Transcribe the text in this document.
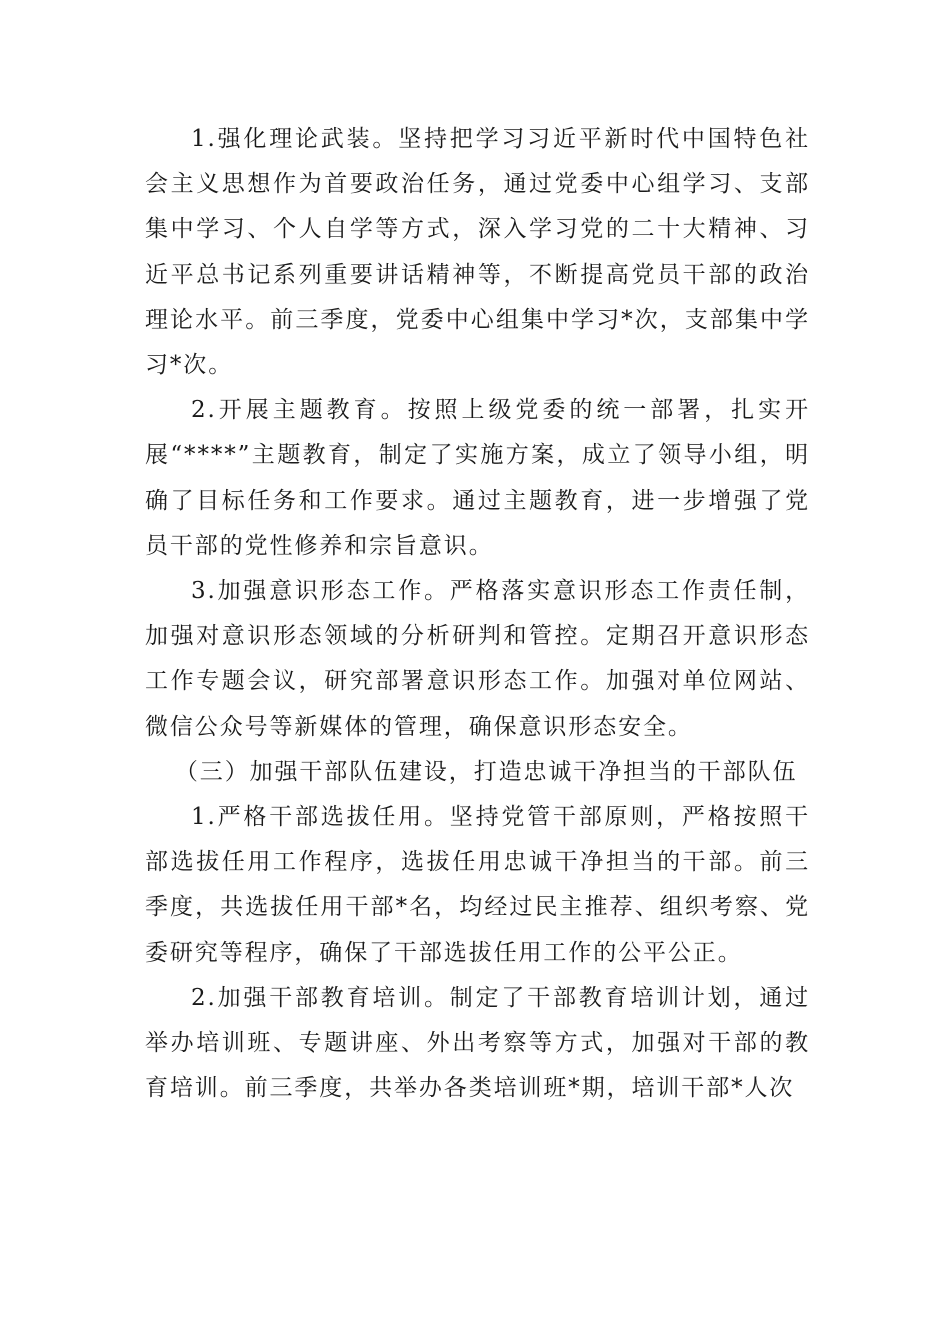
1.强化理论武装。坚持把学习习近平新时代中国特色社会主义思想作为首要政治任务，通过党委中心组学习、支部集中学习、个人自学等方式，深入学习党的二十大精神、习近平总书记系列重要讲话精神等，不断提高党员干部的政治理论水平。前三季度，党委中心组集中学习*次，支部集中学习*次。

2.开展主题教育。按照上级党委的统一部署，扎实开展“****”主题教育，制定了实施方案，成立了领导小组，明确了目标任务和工作要求。通过主题教育，进一步增强了党员干部的党性修养和宗旨意识。

3.加强意识形态工作。严格落实意识形态工作责任制，加强对意识形态领域的分析研判和管控。定期召开意识形态工作专题会议，研究部署意识形态工作。加强对单位网站、微信公众号等新媒体的管理，确保意识形态安全。

（三）加强干部队伍建设，打造忠诚干净担当的干部队伍

1.严格干部选拔任用。坚持党管干部原则，严格按照干部选拔任用工作程序，选拔任用忠诚干净担当的干部。前三季度，共选拔任用干部*名，均经过民主推荐、组织考察、党委研究等程序，确保了干部选拔任用工作的公平公正。

2.加强干部教育培训。制定了干部教育培训计划，通过举办培训班、专题讲座、外出考察等方式，加强对干部的教育培训。前三季度，共举办各类培训班*期，培训干部*人次
